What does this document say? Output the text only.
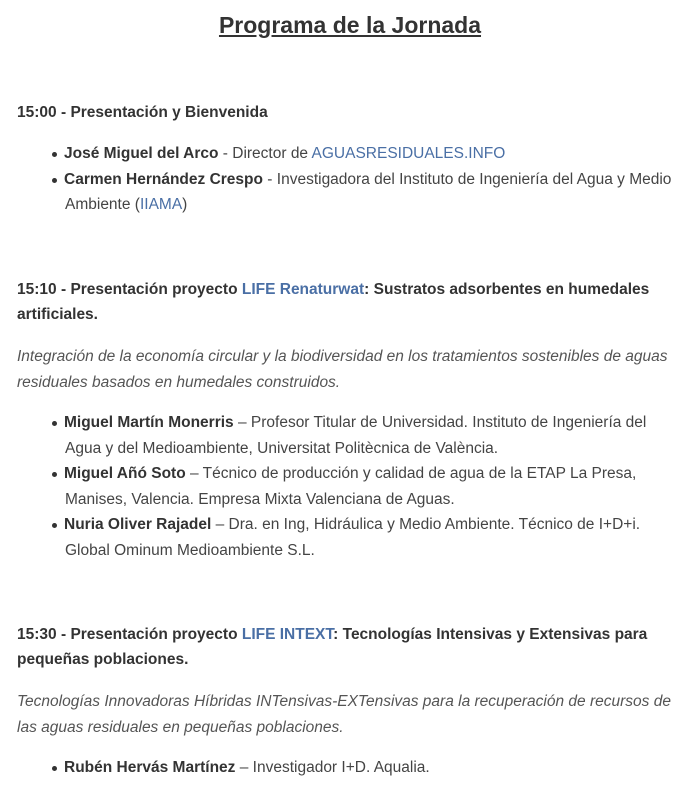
Programa de la Jornada

15:00 - Presentación y Bienvenida

José Miguel del Arco - Director de AGUASRESIDUALES.INFO
Carmen Hernández Crespo - Investigadora del Instituto de Ingeniería del Agua y Medio Ambiente (IIAMA)

15:10 - Presentación proyecto LIFE Renaturwat: Sustratos adsorbentes en humedales artificiales.

Integración de la economía circular y la biodiversidad en los tratamientos sostenibles de aguas residuales basados en humedales construidos.

Miguel Martín Monerris – Profesor Titular de Universidad. Instituto de Ingeniería del Agua y del Medioambiente, Universitat Politècnica de València.
Miguel Añó Soto – Técnico de producción y calidad de agua de la ETAP La Presa, Manises, Valencia. Empresa Mixta Valenciana de Aguas.
Nuria Oliver Rajadel – Dra. en Ing, Hidráulica y Medio Ambiente. Técnico de I+D+i. Global Ominum Medioambiente S.L.

15:30 - Presentación proyecto LIFE INTEXT: Tecnologías Intensivas y Extensivas para pequeñas poblaciones.

Tecnologías Innovadoras Híbridas INTensivas-EXTensivas para la recuperación de recursos de las aguas residuales en pequeñas poblaciones.

Rubén Hervás Martínez – Investigador I+D. Aqualia.
